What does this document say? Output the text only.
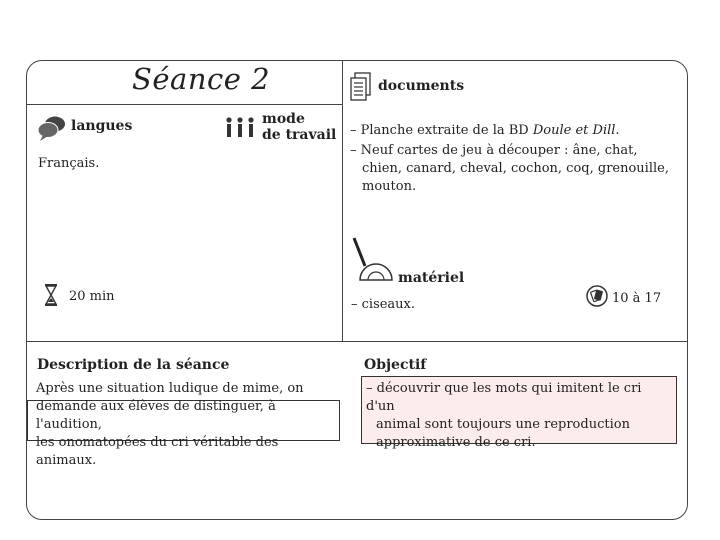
Séance 2
langues
Français.
mode
de travail
20 min
documents
– Planche extraite de la BD Doule et Dill.
– Neuf cartes de jeu à découper : âne, chat, chien, canard, cheval, cochon, coq, grenouille, mouton.
matériel
– ciseaux.	10 à 17
Description de la séance
Après une situation ludique de mime, on
demande aux élèves de distinguer, à l'audition,
les onomatopées du cri véritable des animaux.
Objectif
– découvrir que les mots qui imitent le cri d'un
animal sont toujours une reproduction
approximative de ce cri.
